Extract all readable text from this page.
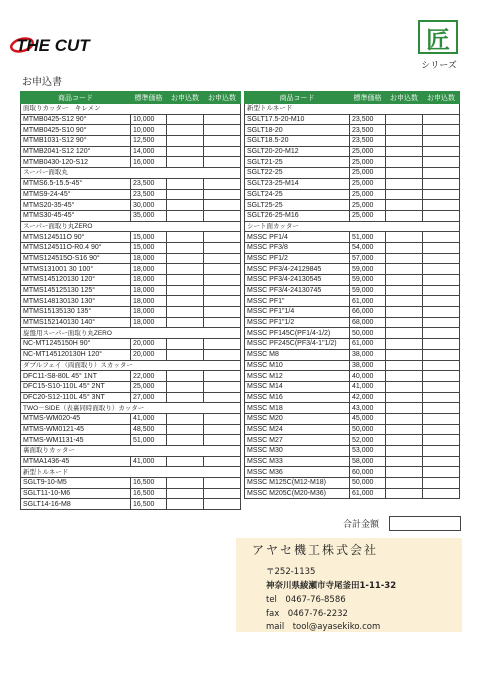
THE CUT	匠
シリーズ
お申込書
商品コード	標準価格	お申込数	お申込数
面取りカッター　キレメン			
MTMB0425-S12 90°	10,000		
MTMB0425-S10 90°	10,000		
MTMB1031-S12 90°	12,500		
MTMB2041-S12 120°	14,000		
MTMB0430-120-S12	16,000		
スーパー面取丸			
MTMS6.5-15.5-45°	23,500		
MTMS9-24-45°	23,500		
MTMS20-35-45°	30,000		
MTMS30-45-45°	35,000		
スーパー面取り丸ZERO			
MTMS124511O 90°	15,000		
MTMS124511O-R0.4 90°	15,000		
MTMS124515O-S16 90°	18,000		
MTMS131001 30 100°	18,000		
MTMS145120130 120°	18,000		
MTMS145125130 125°	18,000		
MTMS148130130 130°	18,000		
MTMS15135130 135°	18,000		
MTMS152140130 140°	18,000		
旋盤用スーパー面取り丸ZERO			
NC-MT1245150H 90°	20,000		
NC-MT145120130H 120°	20,000		
ダブルフェイ（両面取り）スカッター			
DFC11-S8-80L 45° 1NT	22,000		
DFC15-S10-110L 45° 2NT	25,000		
DFC20-S12-110L 45° 3NT	27,000		
TWO－SIDE（表裏同時面取り）カッター			
MTMS-WM020-45	41,000		
MTMS-WM0121-45	48,500		
MTMS-WM1131-45	51,000		
裏面取りカッター			
MTMA1436-45	41,000		
新型トルネード			
SGLT9-10-M5	16,500		
SGLT11-10-M6	16,500		
SGLT14-16-M8	16,500		
商品コード	標準価格	お申込数	お申込数
新型トルネード			
SGLT17.5-20-M10	23,500		
SGLT18-20	23,500		
SGLT18.5-20	23,500		
SGLT20-20-M12	25,000		
SGLT21-25	25,000		
SGLT22-25	25,000		
SGLT23-25-M14	25,000		
SGLT24-25	25,000		
SGLT25-25	25,000		
SGLT26-25-M16	25,000		
シート面カッター			
MSSC PF1/4	51,000		
MSSC PF3/8	54,000		
MSSC PF1/2	57,000		
MSSC PF3/4-24129845	59,000		
MSSC PF3/4-24130545	59,000		
MSSC PF3/4-24130745	59,000		
MSSC PF1"	61,000		
MSSC PF1"1/4	66,000		
MSSC PF1"1/2	68,000		
MSSC PF145C(PF1/4-1/2)	50,000		
MSSC PF245C(PF3/4-1"1/2)	61,000		
MSSC M8	38,000		
MSSC M10	38,000		
MSSC M12	40,000		
MSSC M14	41,000		
MSSC M16	42,000		
MSSC M18	43,000		
MSSC M20	45,000		
MSSC M24	50,000		
MSSC M27	52,000		
MSSC M30	53,000		
MSSC M33	58,000		
MSSC M36	60,000		
MSSC M125C(M12-M18)	50,000		
MSSC M205C(M20-M36)	61,000		
合計金額
アヤセ機工株式会社
〒252-1135
神奈川県綾瀬市寺尾釜田1-11-32
tel　0467-76-8586
fax　0467-76-2232
mail　tool@ayasekiko.com
